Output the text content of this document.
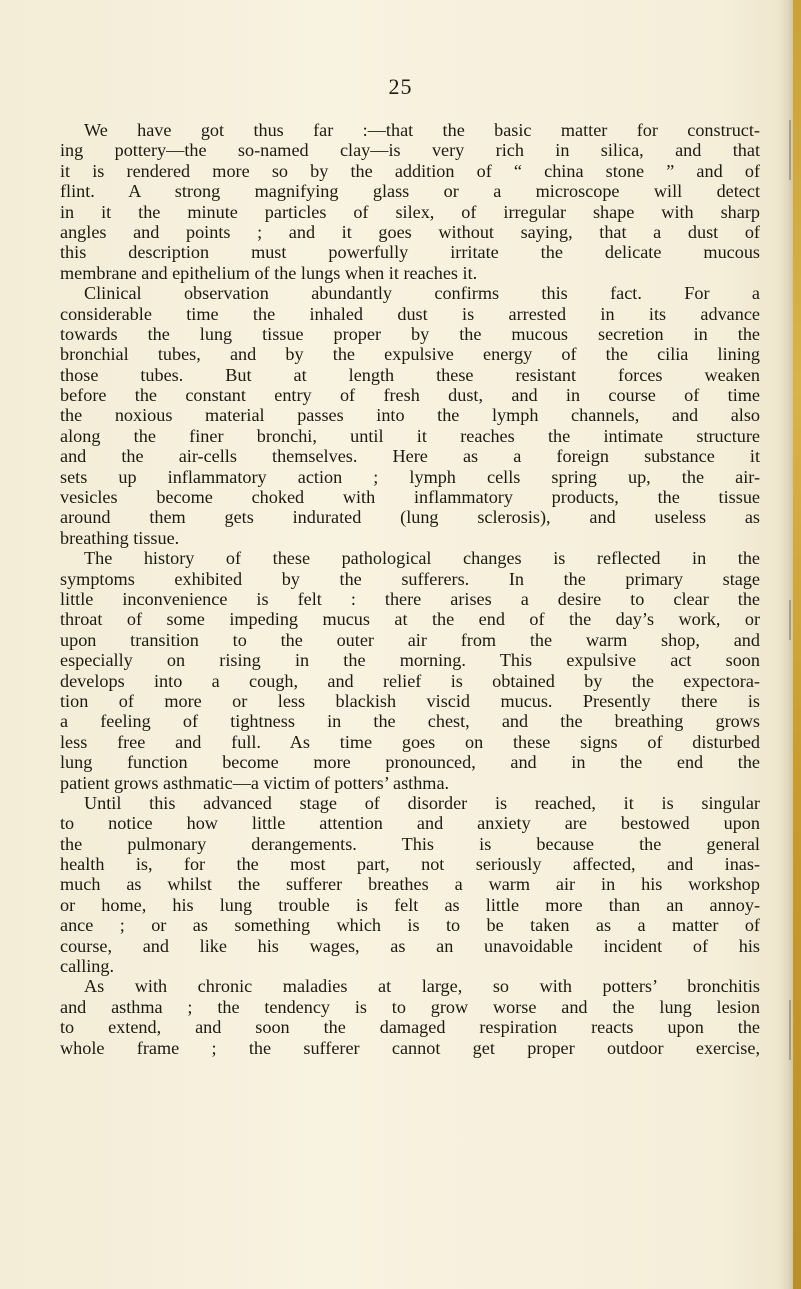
25
We have got thus far :—that the basic matter for construct-
ing pottery—the so-named clay—is very rich in silica, and that
it is rendered more so by the addition of “ china stone ” and of
flint. A strong magnifying glass or a microscope will detect
in it the minute particles of silex, of irregular shape with sharp
angles and points ; and it goes without saying, that a dust of
this description must powerfully irritate the delicate mucous
membrane and epithelium of the lungs when it reaches it.
Clinical observation abundantly confirms this fact. For a
considerable time the inhaled dust is arrested in its advance
towards the lung tissue proper by the mucous secretion in the
bronchial tubes, and by the expulsive energy of the cilia lining
those tubes. But at length these resistant forces weaken
before the constant entry of fresh dust, and in course of time
the noxious material passes into the lymph channels, and also
along the finer bronchi, until it reaches the intimate structure
and the air-cells themselves. Here as a foreign substance it
sets up inflammatory action ; lymph cells spring up, the air-
vesicles become choked with inflammatory products, the tissue
around them gets indurated (lung sclerosis), and useless as
breathing tissue.
The history of these pathological changes is reflected in the
symptoms exhibited by the sufferers. In the primary stage
little inconvenience is felt : there arises a desire to clear the
throat of some impeding mucus at the end of the day’s work, or
upon transition to the outer air from the warm shop, and
especially on rising in the morning. This expulsive act soon
develops into a cough, and relief is obtained by the expectora-
tion of more or less blackish viscid mucus. Presently there is
a feeling of tightness in the chest, and the breathing grows
less free and full. As time goes on these signs of disturbed
lung function become more pronounced, and in the end the
patient grows asthmatic—a victim of potters’ asthma.
Until this advanced stage of disorder is reached, it is singular
to notice how little attention and anxiety are bestowed upon
the pulmonary derangements. This is because the general
health is, for the most part, not seriously affected, and inas-
much as whilst the sufferer breathes a warm air in his workshop
or home, his lung trouble is felt as little more than an annoy-
ance ; or as something which is to be taken as a matter of
course, and like his wages, as an unavoidable incident of his
calling.
As with chronic maladies at large, so with potters’ bronchitis
and asthma ; the tendency is to grow worse and the lung lesion
to extend, and soon the damaged respiration reacts upon the
whole frame ; the sufferer cannot get proper outdoor exercise,
